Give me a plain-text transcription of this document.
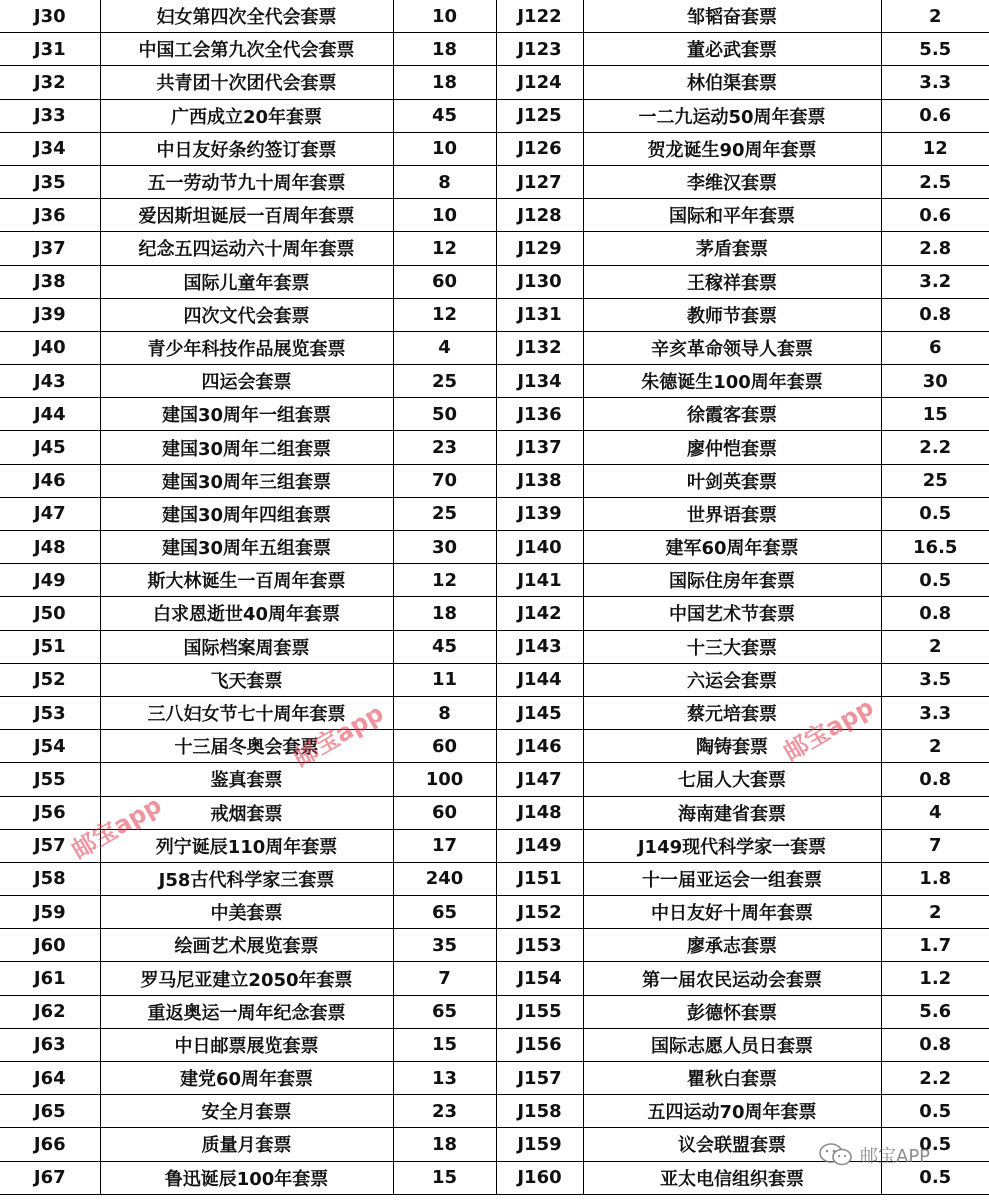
J30	妇女第四次全代会套票	10	J122	邹韬奋套票	2
J31	中国工会第九次全代会套票	18	J123	董必武套票	5.5
J32	共青团十次团代会套票	18	J124	林伯渠套票	3.3
J33	广西成立20年套票	45	J125	一二九运动50周年套票	0.6
J34	中日友好条约签订套票	10	J126	贺龙诞生90周年套票	12
J35	五一劳动节九十周年套票	8	J127	李维汉套票	2.5
J36	爱因斯坦诞辰一百周年套票	10	J128	国际和平年套票	0.6
J37	纪念五四运动六十周年套票	12	J129	茅盾套票	2.8
J38	国际儿童年套票	60	J130	王稼祥套票	3.2
J39	四次文代会套票	12	J131	教师节套票	0.8
J40	青少年科技作品展览套票	4	J132	辛亥革命领导人套票	6
J43	四运会套票	25	J134	朱德诞生100周年套票	30
J44	建国30周年一组套票	50	J136	徐霞客套票	15
J45	建国30周年二组套票	23	J137	廖仲恺套票	2.2
J46	建国30周年三组套票	70	J138	叶剑英套票	25
J47	建国30周年四组套票	25	J139	世界语套票	0.5
J48	建国30周年五组套票	30	J140	建军60周年套票	16.5
J49	斯大林诞生一百周年套票	12	J141	国际住房年套票	0.5
J50	白求恩逝世40周年套票	18	J142	中国艺术节套票	0.8
J51	国际档案周套票	45	J143	十三大套票	2
J52	飞天套票	11	J144	六运会套票	3.5
J53	三八妇女节七十周年套票	8	J145	蔡元培套票	3.3
J54	十三届冬奥会套票	60	J146	陶铸套票	2
J55	鉴真套票	100	J147	七届人大套票	0.8
J56	戒烟套票	60	J148	海南建省套票	4
J57	列宁诞辰110周年套票	17	J149	J149现代科学家一套票	7
J58	J58古代科学家三套票	240	J151	十一届亚运会一组套票	1.8
J59	中美套票	65	J152	中日友好十周年套票	2
J60	绘画艺术展览套票	35	J153	廖承志套票	1.7
J61	罗马尼亚建立2050年套票	7	J154	第一届农民运动会套票	1.2
J62	重返奥运一周年纪念套票	65	J155	彭德怀套票	5.6
J63	中日邮票展览套票	15	J156	国际志愿人员日套票	0.8
J64	建党60周年套票	13	J157	瞿秋白套票	2.2
J65	安全月套票	23	J158	五四运动70周年套票	0.5
J66	质量月套票	18	J159	议会联盟套票	0.5
J67	鲁迅诞辰100年套票	15	J160	亚太电信组织套票	0.5
邮宝app	邮宝app
邮宝app
邮宝APP
